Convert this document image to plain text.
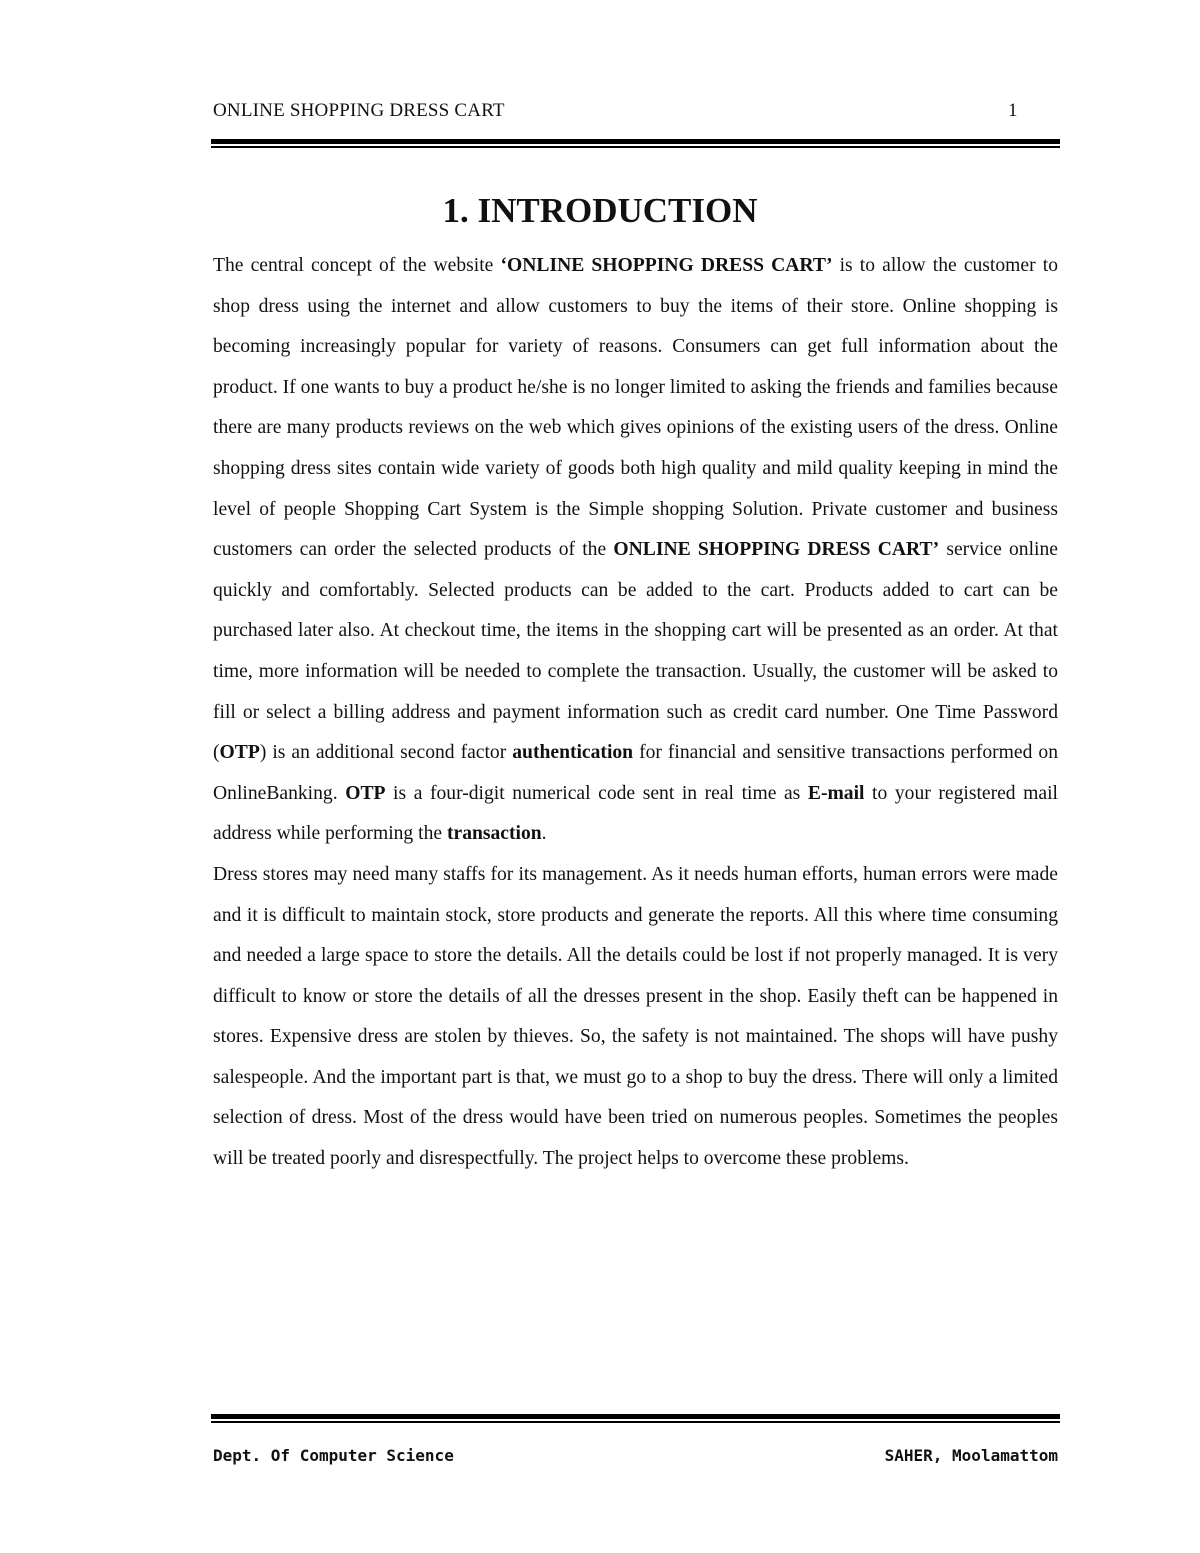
ONLINE SHOPPING DRESS CART	1
1. INTRODUCTION

The central concept of the website ‘ONLINE SHOPPING DRESS CART’ is to allow the customer to shop dress using the internet and allow customers to buy the items of their store. Online shopping is becoming increasingly popular for variety of reasons. Consumers can get full information about the product. If one wants to buy a product he/she is no longer limited to asking the friends and families because there are many products reviews on the web which gives opinions of the existing users of the dress. Online shopping dress sites contain wide variety of goods both high quality and mild quality keeping in mind the level of people Shopping Cart System is the Simple shopping Solution. Private customer and business customers can order the selected products of the ONLINE SHOPPING DRESS CART’ service online quickly and comfortably. Selected products can be added to the cart. Products added to cart can be purchased later also. At checkout time, the items in the shopping cart will be presented as an order. At that time, more information will be needed to complete the transaction. Usually, the customer will be asked to fill or select a billing address and payment information such as credit card number. One Time Password (OTP) is an additional second factor authentication for financial and sensitive transactions performed on OnlineBanking. OTP is a four-digit numerical code sent in real time as E-mail to your registered mail address while performing the transaction.

Dress stores may need many staffs for its management. As it needs human efforts, human errors were made and it is difficult to maintain stock, store products and generate the reports. All this where time consuming and needed a large space to store the details. All the details could be lost if not properly managed. It is very difficult to know or store the details of all the dresses present in the shop. Easily theft can be happened in stores. Expensive dress are stolen by thieves. So, the safety is not maintained. The shops will have pushy salespeople. And the important part is that, we must go to a shop to buy the dress. There will only a limited selection of dress. Most of the dress would have been tried on numerous peoples. Sometimes the peoples will be treated poorly and disrespectfully. The project helps to overcome these problems.

Dept. Of Computer Science	SAHER, Moolamattom
